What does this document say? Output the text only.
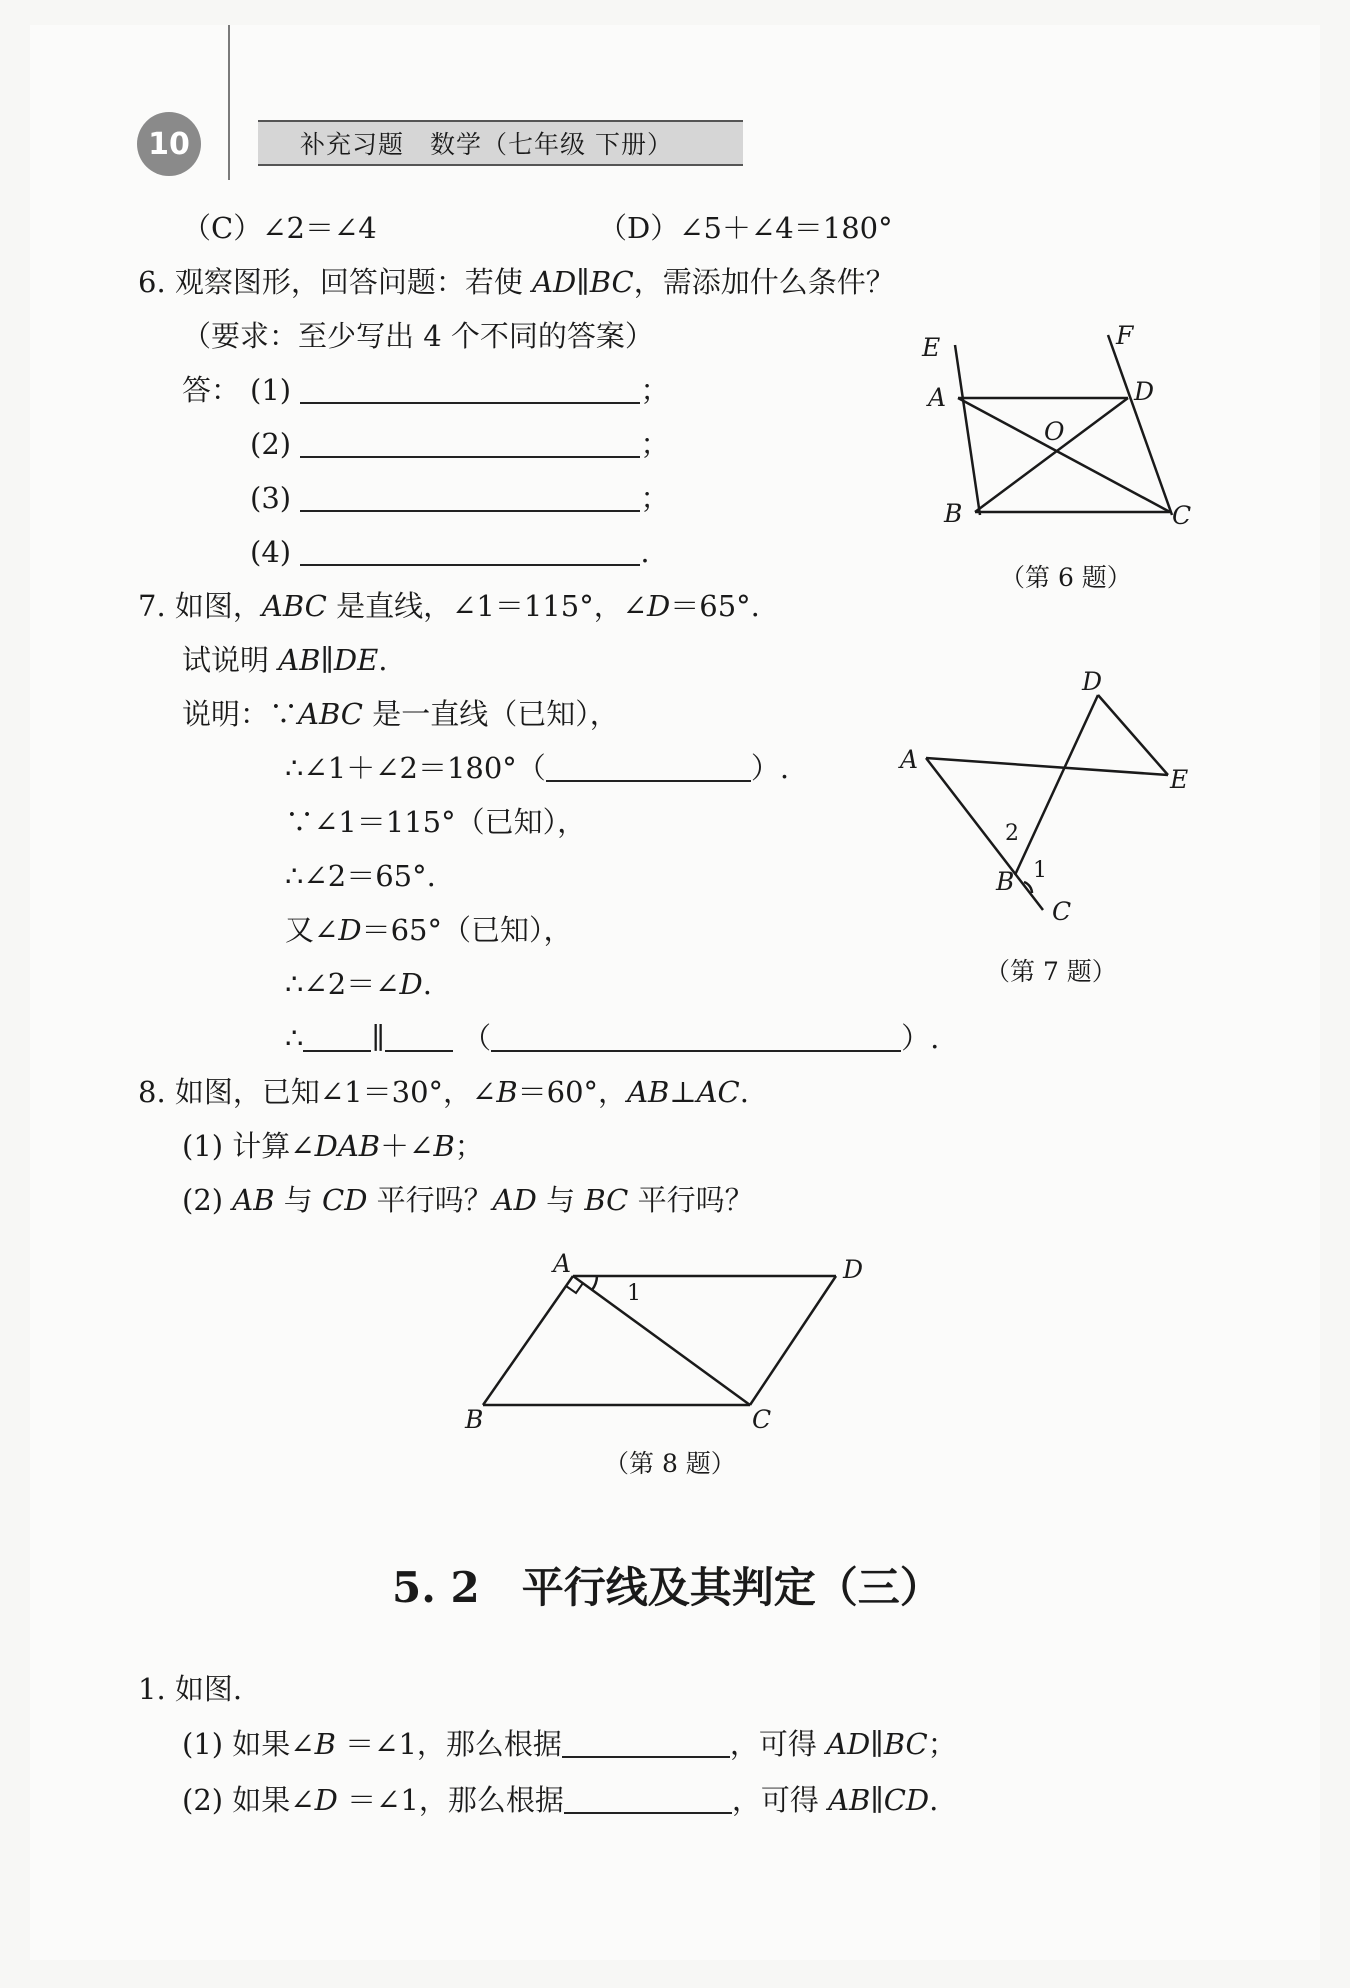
10	补充习题　数学（七年级 下册）
（C）∠2＝∠4	（D）∠5＋∠4＝180°
6. 观察图形，回答问题：若使 AD∥BC，需添加什么条件？
（要求：至少写出 4 个不同的答案）
答： (1)	；
(2)	；
(3)	；
(4)	.
E	F
A	D
O
B	C
（第 6 题）
7. 如图，ABC 是直线，∠1＝115°，∠D＝65°.
试说明 AB∥DE.
说明：∵ABC 是一直线（已知），
∴∠1＋∠2＝180°（	）.
∵∠1＝115°（已知），
∴∠2＝65°.
又∠D＝65°（已知），
∴∠2＝∠D.
∴ ∥	（	）.
D
A
E
B
C
2
1
（第 7 题）
8. 如图，已知∠1＝30°，∠B＝60°，AB⊥AC.
(1) 计算∠DAB＋∠B；
(2) AB 与 CD 平行吗？AD 与 BC 平行吗？
A	D
B	C
1
（第 8 题）
5. 2　平行线及其判定（三）
1. 如图.
(1) 如果∠B ＝∠1，那么根据	，可得 AD∥BC；
(2) 如果∠D ＝∠1，那么根据	，可得 AB∥CD.
